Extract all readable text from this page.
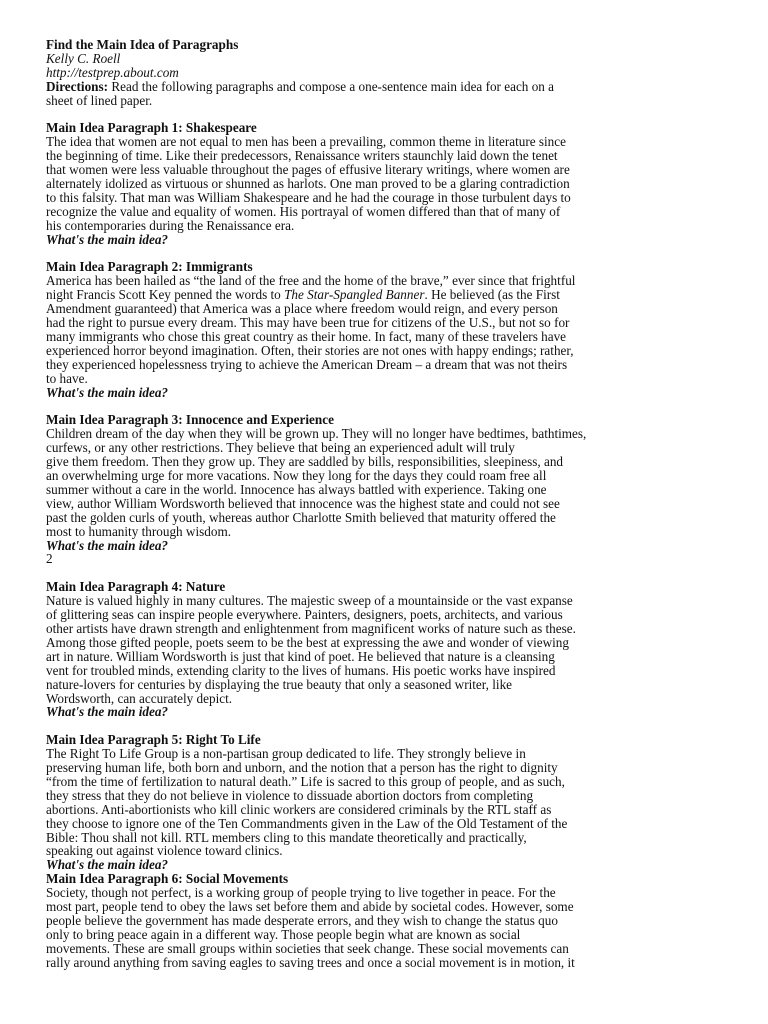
Find the Main Idea of Paragraphs
Kelly C. Roell
http://testprep.about.com
Directions: Read the following paragraphs and compose a one-sentence main idea for each on a
sheet of lined paper.
Main Idea Paragraph 1: Shakespeare
The idea that women are not equal to men has been a prevailing, common theme in literature since
the beginning of time. Like their predecessors, Renaissance writers staunchly laid down the tenet
that women were less valuable throughout the pages of effusive literary writings, where women are
alternately idolized as virtuous or shunned as harlots. One man proved to be a glaring contradiction
to this falsity. That man was William Shakespeare and he had the courage in those turbulent days to
recognize the value and equality of women. His portrayal of women differed than that of many of
his contemporaries during the Renaissance era.
What's the main idea?
Main Idea Paragraph 2: Immigrants
America has been hailed as “the land of the free and the home of the brave,” ever since that frightful
night Francis Scott Key penned the words to The Star-Spangled Banner. He believed (as the First
Amendment guaranteed) that America was a place where freedom would reign, and every person
had the right to pursue every dream. This may have been true for citizens of the U.S., but not so for
many immigrants who chose this great country as their home. In fact, many of these travelers have
experienced horror beyond imagination. Often, their stories are not ones with happy endings; rather,
they experienced hopelessness trying to achieve the American Dream – a dream that was not theirs
to have.
What's the main idea?
Main Idea Paragraph 3: Innocence and Experience
Children dream of the day when they will be grown up. They will no longer have bedtimes, bathtimes,
curfews, or any other restrictions. They believe that being an experienced adult will truly
give them freedom. Then they grow up. They are saddled by bills, responsibilities, sleepiness, and
an overwhelming urge for more vacations. Now they long for the days they could roam free all
summer without a care in the world. Innocence has always battled with experience. Taking one
view, author William Wordsworth believed that innocence was the highest state and could not see
past the golden curls of youth, whereas author Charlotte Smith believed that maturity offered the
most to humanity through wisdom.
What's the main idea?
2
Main Idea Paragraph 4: Nature
Nature is valued highly in many cultures. The majestic sweep of a mountainside or the vast expanse
of glittering seas can inspire people everywhere. Painters, designers, poets, architects, and various
other artists have drawn strength and enlightenment from magnificent works of nature such as these.
Among those gifted people, poets seem to be the best at expressing the awe and wonder of viewing
art in nature. William Wordsworth is just that kind of poet. He believed that nature is a cleansing
vent for troubled minds, extending clarity to the lives of humans. His poetic works have inspired
nature-lovers for centuries by displaying the true beauty that only a seasoned writer, like
Wordsworth, can accurately depict.
What's the main idea?
Main Idea Paragraph 5: Right To Life
The Right To Life Group is a non-partisan group dedicated to life. They strongly believe in
preserving human life, both born and unborn, and the notion that a person has the right to dignity
“from the time of fertilization to natural death.” Life is sacred to this group of people, and as such,
they stress that they do not believe in violence to dissuade abortion doctors from completing
abortions. Anti-abortionists who kill clinic workers are considered criminals by the RTL staff as
they choose to ignore one of the Ten Commandments given in the Law of the Old Testament of the
Bible: Thou shall not kill. RTL members cling to this mandate theoretically and practically,
speaking out against violence toward clinics.
What's the main idea?
Main Idea Paragraph 6: Social Movements
Society, though not perfect, is a working group of people trying to live together in peace. For the
most part, people tend to obey the laws set before them and abide by societal codes. However, some
people believe the government has made desperate errors, and they wish to change the status quo
only to bring peace again in a different way. Those people begin what are known as social
movements. These are small groups within societies that seek change. These social movements can
rally around anything from saving eagles to saving trees and once a social movement is in motion, it
